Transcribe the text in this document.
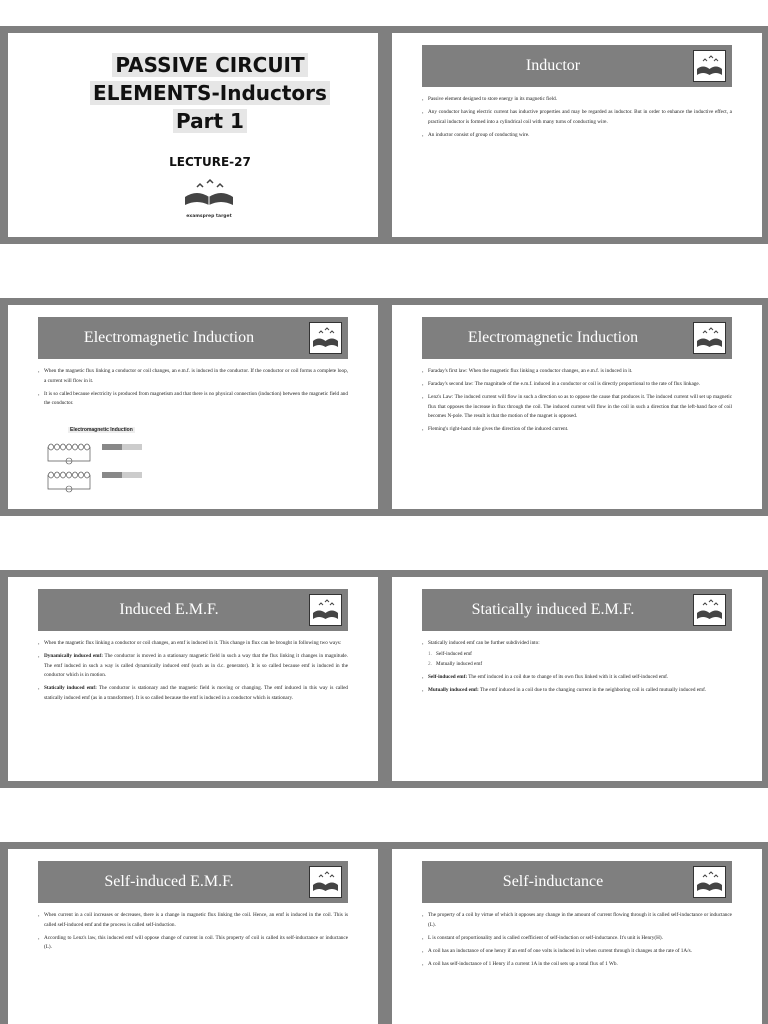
PASSIVE CIRCUIT
ELEMENTS-Inductors
Part 1
LECTURE-27
examsprep target
Inductor
▪ Passive element designed to store energy in its magnetic field.
▪ Any conductor having electric current has inductive properties and may be regarded as inductor. But in order to enhance the inductive effect, a practical inductor is formed into a cylindrical coil with many turns of conducting wire.
▪ An inductor consist of group of conducting wire.
Electromagnetic Induction
▪ When the magnetic flux linking a conductor or coil changes, an e.m.f. is induced in the conductor. If the conductor or coil forms a complete loop, a current will flow in it.
▪ It is so called because electricity is produced from magnetism and that there is no physical connection (induction) between the magnetic field and the conductor.
Electromagnetic Induction
Electromagnetic Induction
▪ Faraday's first law: When the magnetic flux linking a conductor changes, an e.m.f. is induced in it.
▪ Faraday's second law: The magnitude of the e.m.f. induced in a conductor or coil is directly proportional to the rate of flux linkage.
▪ Lenz's Law: The induced current will flow in such a direction so as to oppose the cause that produces it. The induced current will set up magnetic flux that opposes the increase in flux through the coil. The induced current will flow in the coil in such a direction that the left-hand face of coil becomes N-pole. The result is that the motion of the magnet is opposed.
▪ Fleming's right-hand rule gives the direction of the induced current.
Induced E.M.F.
▪ When the magnetic flux linking a conductor or coil changes, an emf is induced in it. This change in flux can be brought in following two ways:
▪ Dynamically induced emf: The conductor is moved in a stationary magnetic field in such a way that the flux linking it changes in magnitude. The emf induced in such a way is called dynamically induced emf (such as in d.c. generator). It is so called because emf is induced in the conductor which is in motion.
▪ Statically induced emf: The conductor is stationary and the magnetic field is moving or changing. The emf induced in this way is called statically induced emf (as in a transformer). It is so called because the emf is induced in a conductor which is stationary.
Statically induced E.M.F.
▪ Statically induced emf can be further subdivided into:
1. Self-induced emf
2. Mutually induced emf
▪ Self-induced emf: The emf induced in a coil due to change of its own flux linked with it is called self-induced emf.
▪ Mutually induced emf: The emf induced in a coil due to the changing current in the neighboring coil is called mutually induced emf.
Self-induced E.M.F.
▪ When current in a coil increases or decreases, there is a change in magnetic flux linking the coil. Hence, an emf is induced in the coil. This is called self-induced emf and the process is called self-induction.
▪ According to Lenz's law, this induced emf will oppose change of current in coil. This property of coil is called its self-inductance or inductance (L).
Self-inductance
▪ The property of a coil by virtue of which it opposes any change in the amount of current flowing through it is called self-inductance or inductance (L).
▪ L is constant of proportionality and is called coefficient of self-induction or self-inductance. It's unit is Henry(H).
▪ A coil has an inductance of one henry if an emf of one volts is induced in it when current through it changes at the rate of 1A/s.
▪ A coil has self-inductance of 1 Henry if a current 1A in the coil sets up a total flux of 1 Wb.
